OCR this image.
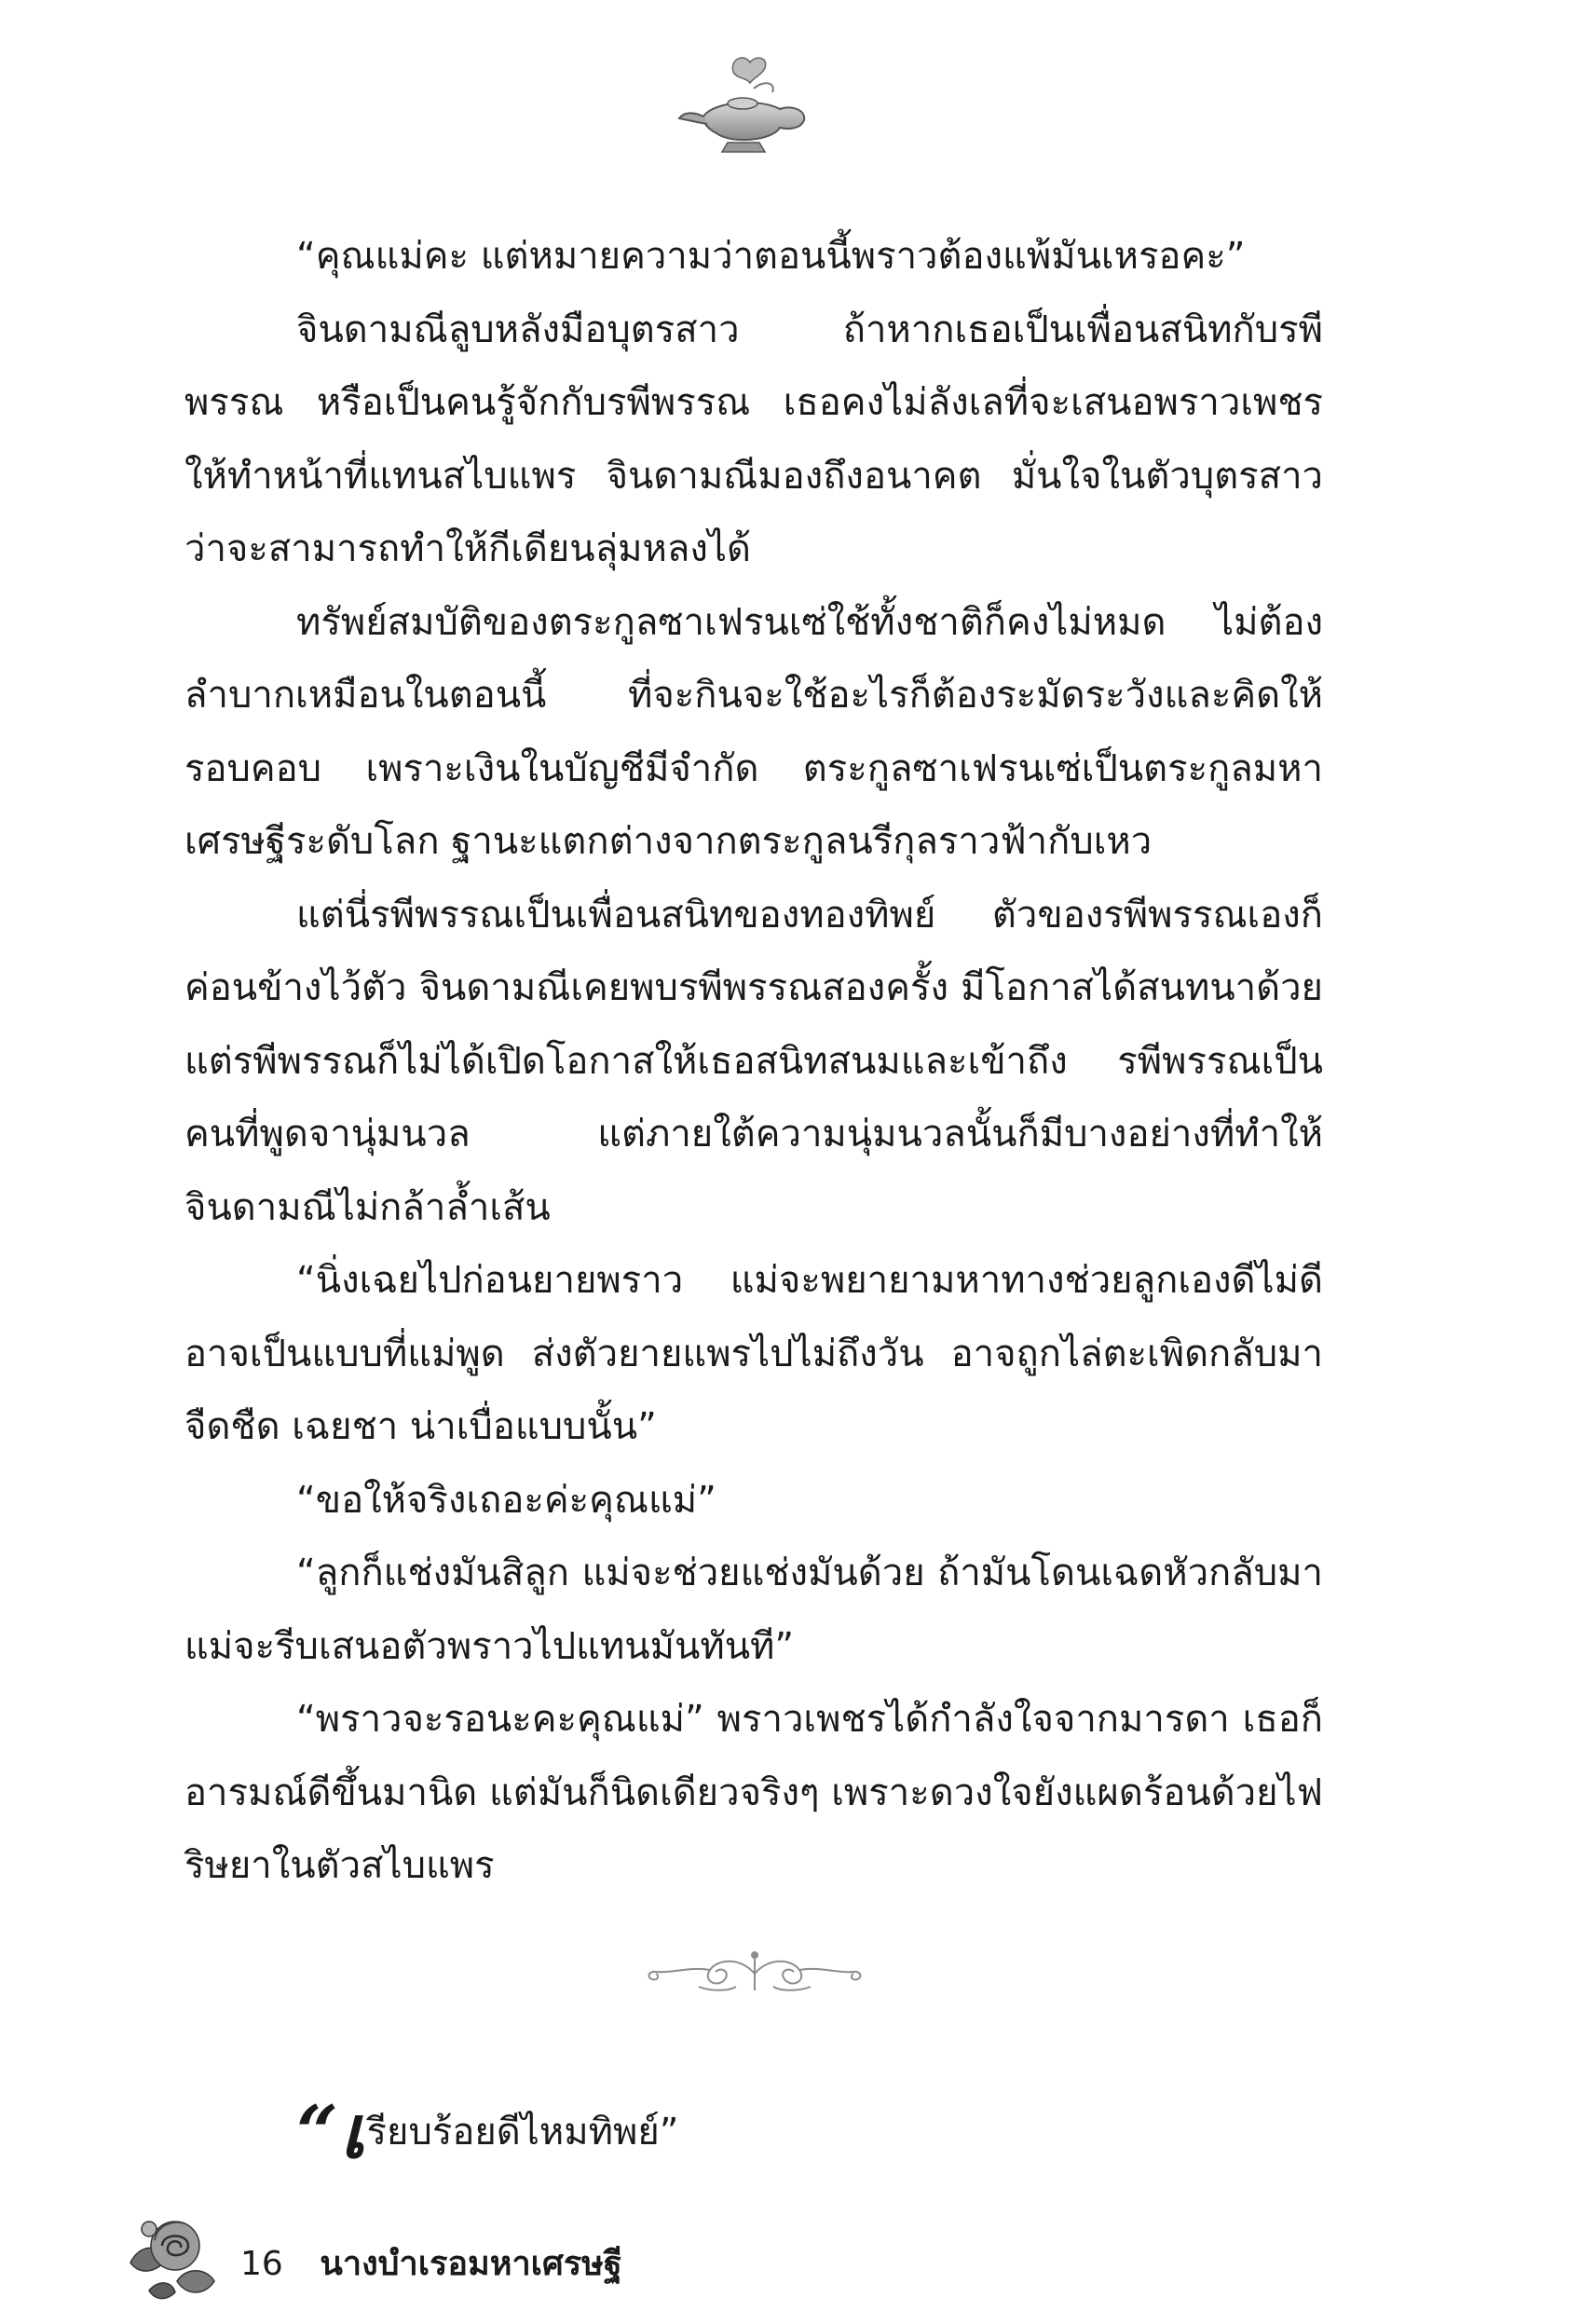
“คุณแม่คะ แต่หมายความว่าตอนนี้พราวต้องแพ้มันเหรอคะ”

จินดามณีลูบหลังมือบุตรสาว ถ้าหากเธอเป็นเพื่อนสนิทกับรพีพรรณ หรือเป็นคนรู้จักกับรพีพรรณ เธอคงไม่ลังเลที่จะเสนอพราวเพชรให้ทำหน้าที่แทนสไบแพร จินดามณีมองถึงอนาคต มั่นใจในตัวบุตรสาวว่าจะสามารถทำให้กีเดียนลุ่มหลงได้

ทรัพย์สมบัติของตระกูลซาเฟรนเซ่ใช้ทั้งชาติก็คงไม่หมด ไม่ต้องลำบากเหมือนในตอนนี้ ที่จะกินจะใช้อะไรก็ต้องระมัดระวังและคิดให้รอบคอบ เพราะเงินในบัญชีมีจำกัด ตระกูลซาเฟรนเซ่เป็นตระกูลมหาเศรษฐีระดับโลก ฐานะแตกต่างจากตระกูลนรีกุลราวฟ้ากับเหว

แต่นี่รพีพรรณเป็นเพื่อนสนิทของทองทิพย์ ตัวของรพีพรรณเองก็ค่อนข้างไว้ตัว จินดามณีเคยพบรพีพรรณสองครั้ง มีโอกาสได้สนทนาด้วย แต่รพีพรรณก็ไม่ได้เปิดโอกาสให้เธอสนิทสนมและเข้าถึง รพีพรรณเป็นคนที่พูดจานุ่มนวล แต่ภายใต้ความนุ่มนวลนั้นก็มีบางอย่างที่ทำให้จินดามณีไม่กล้าล้ำเส้น

“นิ่งเฉยไปก่อนยายพราว แม่จะพยายามหาทางช่วยลูกเองดีไม่ดีอาจเป็นแบบที่แม่พูด ส่งตัวยายแพรไปไม่ถึงวัน อาจถูกไล่ตะเพิดกลับมา จืดชืด เฉยชา น่าเบื่อแบบนั้น”

“ขอให้จริงเถอะค่ะคุณแม่”

“ลูกก็แช่งมันสิลูก แม่จะช่วยแช่งมันด้วย ถ้ามันโดนเฉดหัวกลับมา แม่จะรีบเสนอตัวพราวไปแทนมันทันที”

“พราวจะรอนะคะคุณแม่” พราวเพชรได้กำลังใจจากมารดา เธอก็อารมณ์ดีขึ้นมานิด แต่มันก็นิดเดียวจริงๆ เพราะดวงใจยังแผดร้อนด้วยไฟริษยาในตัวสไบแพร

“เรียบร้อยดีไหมทิพย์”
16 นางบำเรอมหาเศรษฐี
